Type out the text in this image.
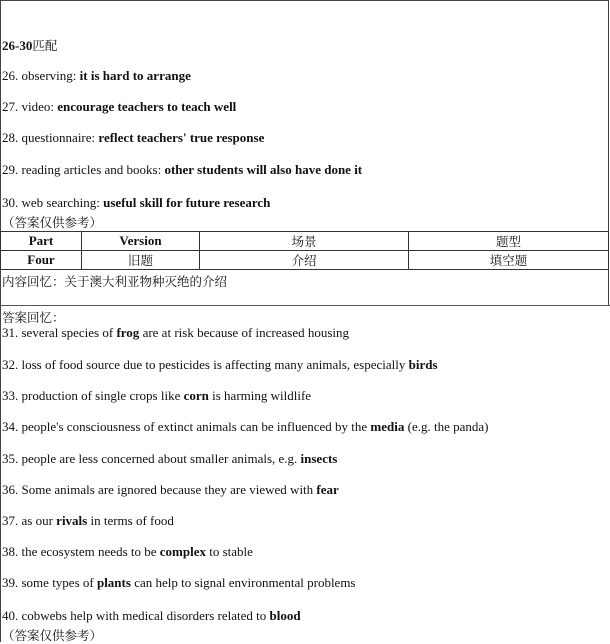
26-30匹配
26. observing: it is hard to arrange
27. video: encourage teachers to teach well
28. questionnaire: reflect teachers' true response
29. reading articles and books: other students will also have done it
30. web searching: useful skill for future research
（答案仅供参考）
Part	Version	场景	题型
Four	旧题	介绍	填空题
内容回忆：关于澳大利亚物种灭绝的介绍
答案回忆：
31. several species of frog are at risk because of increased housing
32. loss of food source due to pesticides is affecting many animals, especially birds
33. production of single crops like corn is harming wildlife
34. people's consciousness of extinct animals can be influenced by the media (e.g. the panda)
35. people are less concerned about smaller animals, e.g. insects
36. Some animals are ignored because they are viewed with fear
37. as our rivals in terms of food
38. the ecosystem needs to be complex to stable
39. some types of plants can help to signal environmental problems
40. cobwebs help with medical disorders related to blood
（答案仅供参考）
